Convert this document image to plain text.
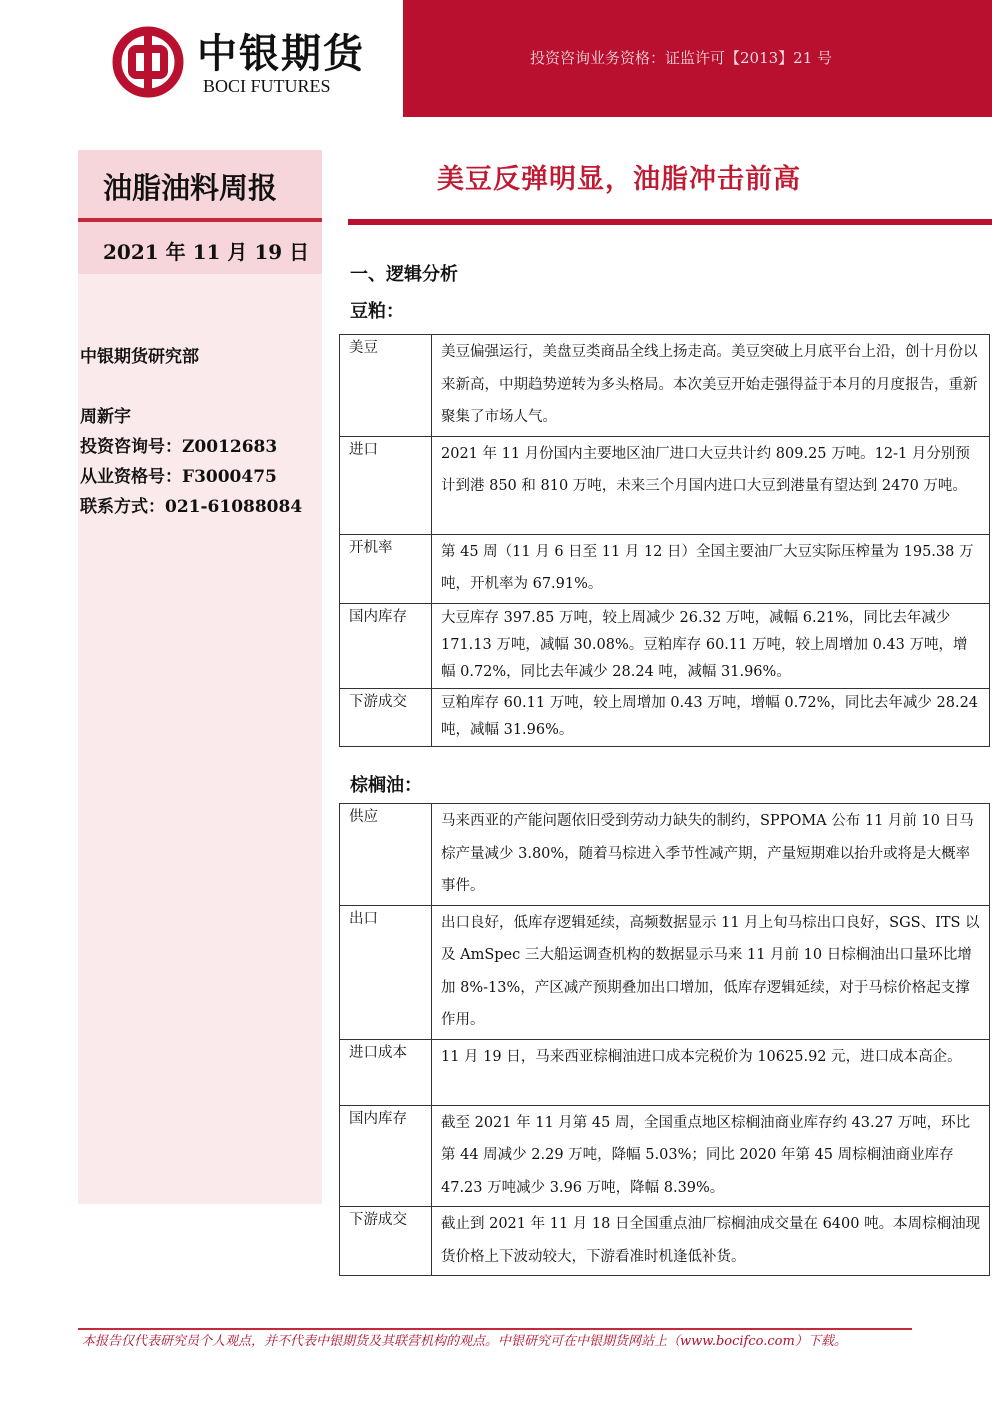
投资咨询业务资格：证监许可【2013】21 号
中银期货
BOCI FUTURES
油脂油料周报
2021 年 11 月 19 日
中银期货研究部
周新宇
投资咨询号：Z0012683
从业资格号：F3000475
联系方式：021-61088084
美豆反弹明显，油脂冲击前高
一、逻辑分析
豆粕：
美豆	美豆偏强运行，美盘豆类商品全线上扬走高。美豆突破上月底平台上沿，创十月份以来新高，中期趋势逆转为多头格局。本次美豆开始走强得益于本月的月度报告，重新聚集了市场人气。
进口	2021 年 11 月份国内主要地区油厂进口大豆共计约 809.25 万吨。12-1 月分别预计到港 850 和 810 万吨，未来三个月国内进口大豆到港量有望达到 2470 万吨。
开机率	第 45 周（11 月 6 日至 11 月 12 日）全国主要油厂大豆实际压榨量为 195.38 万吨，开机率为 67.91%。
国内库存	大豆库存 397.85 万吨，较上周减少 26.32 万吨，减幅 6.21%，同比去年减少 171.13 万吨，减幅 30.08%。豆粕库存 60.11 万吨，较上周增加 0.43 万吨，增幅 0.72%，同比去年减少 28.24 吨，减幅 31.96%。
下游成交	豆粕库存 60.11 万吨，较上周增加 0.43 万吨，增幅 0.72%，同比去年减少 28.24 吨，减幅 31.96%。
棕榈油：
供应	马来西亚的产能问题依旧受到劳动力缺失的制约，SPPOMA 公布 11 月前 10 日马棕产量减少 3.80%，随着马棕进入季节性减产期，产量短期难以抬升或将是大概率事件。
出口	出口良好，低库存逻辑延续，高频数据显示 11 月上旬马棕出口良好，SGS、ITS 以及 AmSpec 三大船运调查机构的数据显示马来 11 月前 10 日棕榈油出口量环比增加 8%-13%，产区减产预期叠加出口增加，低库存逻辑延续，对于马棕价格起支撑作用。
进口成本	11 月 19 日，马来西亚棕榈油进口成本完税价为 10625.92 元，进口成本高企。
国内库存	截至 2021 年 11 月第 45 周，全国重点地区棕榈油商业库存约 43.27 万吨，环比第 44 周减少 2.29 万吨，降幅 5.03%；同比 2020 年第 45 周棕榈油商业库存 47.23 万吨减少 3.96 万吨，降幅 8.39%。
下游成交	截止到 2021 年 11 月 18 日全国重点油厂棕榈油成交量在 6400 吨。本周棕榈油现货价格上下波动较大，下游看准时机逢低补货。
本报告仅代表研究员个人观点，并不代表中银期货及其联营机构的观点。中银研究可在中银期货网站上（www.bocifco.com）下载。
